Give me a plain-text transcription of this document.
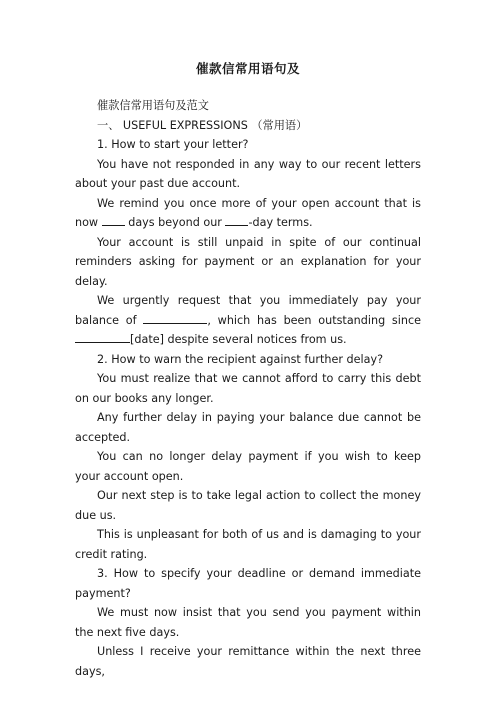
催款信常用语句及

催款信常用语句及范文

一、 USEFUL EXPRESSIONS （常用语）

1. How to start your letter?

You have not responded in any way to our recent letters about your past due account.

We remind you once more of your open account that is now  days beyond our -day terms.

Your account is still unpaid in spite of our continual reminders asking for payment or an explanation for your delay.

We urgently request that you immediately pay your balance of	, which has been outstanding since [date] despite several notices from us.

2. How to warn the recipient against further delay?

You must realize that we cannot afford to carry this debt on our books any longer.

Any further delay in paying your balance due cannot be accepted.

You can no longer delay payment if you wish to keep your account open.

Our next step is to take legal action to collect the money due us.

This is unpleasant for both of us and is damaging to your credit rating.

3. How to specify your deadline or demand immediate payment?

We must now insist that you send you payment within the next five days.

Unless I receive your remittance within the next three days,
